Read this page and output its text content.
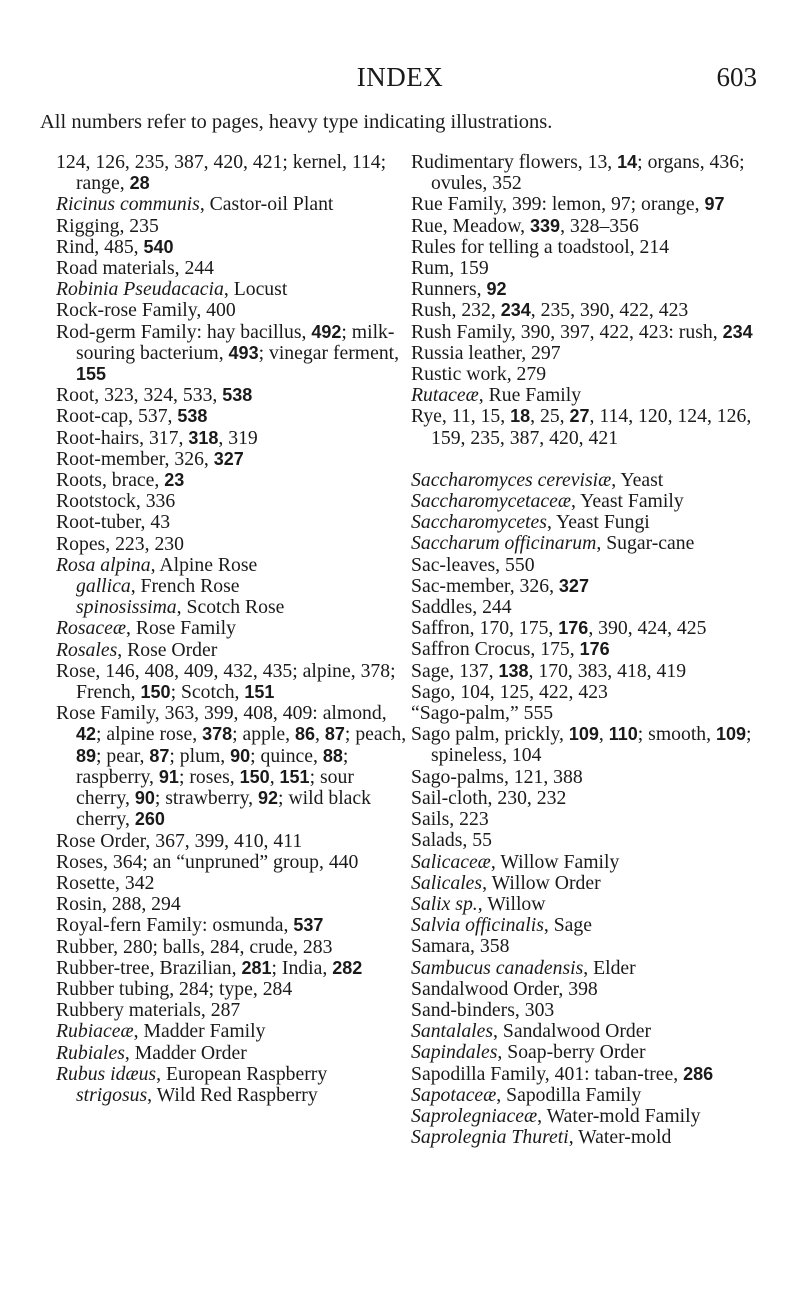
INDEX	603
All numbers refer to pages, heavy type indicating illustrations.

124, 126, 235, 387, 420, 421; kernel, 114; range, 28

Ricinus communis, Castor-oil Plant

Rigging, 235

Rind, 485, 540

Road materials, 244

Robinia Pseudacacia, Locust

Rock-rose Family, 400

Rod-germ Family: hay bacillus, 492; milk-souring bacterium, 493; vinegar ferment, 155

Root, 323, 324, 533, 538

Root-cap, 537, 538

Root-hairs, 317, 318, 319

Root-member, 326, 327

Roots, brace, 23

Rootstock, 336

Root-tuber, 43

Ropes, 223, 230

Rosa alpina, Alpine Rose

gallica, French Rose

spinosissima, Scotch Rose

Rosaceæ, Rose Family

Rosales, Rose Order

Rose, 146, 408, 409, 432, 435; alpine, 378; French, 150; Scotch, 151

Rose Family, 363, 399, 408, 409: almond, 42; alpine rose, 378; apple, 86, 87; peach, 89; pear, 87; plum, 90; quince, 88; raspberry, 91; roses, 150, 151; sour cherry, 90; strawberry, 92; wild black cherry, 260

Rose Order, 367, 399, 410, 411

Roses, 364; an “unpruned” group, 440

Rosette, 342

Rosin, 288, 294

Royal-fern Family: osmunda, 537

Rubber, 280; balls, 284, crude, 283

Rubber-tree, Brazilian, 281; India, 282

Rubber tubing, 284; type, 284

Rubbery materials, 287

Rubiaceæ, Madder Family

Rubiales, Madder Order

Rubus idæus, European Raspberry

strigosus, Wild Red Raspberry

Rudimentary flowers, 13, 14; organs, 436; ovules, 352

Rue Family, 399: lemon, 97; orange, 97

Rue, Meadow, 339, 328–356

Rules for telling a toadstool, 214

Rum, 159

Runners, 92

Rush, 232, 234, 235, 390, 422, 423

Rush Family, 390, 397, 422, 423: rush, 234

Russia leather, 297

Rustic work, 279

Rutaceæ, Rue Family

Rye, 11, 15, 18, 25, 27, 114, 120, 124, 126, 159, 235, 387, 420, 421

Saccharomyces cerevisiæ, Yeast

Saccharomycetaceæ, Yeast Family

Saccharomycetes, Yeast Fungi

Saccharum officinarum, Sugar-cane

Sac-leaves, 550

Sac-member, 326, 327

Saddles, 244

Saffron, 170, 175, 176, 390, 424, 425

Saffron Crocus, 175, 176

Sage, 137, 138, 170, 383, 418, 419

Sago, 104, 125, 422, 423

“Sago-palm,” 555

Sago palm, prickly, 109, 110; smooth, 109; spineless, 104

Sago-palms, 121, 388

Sail-cloth, 230, 232

Sails, 223

Salads, 55

Salicaceæ, Willow Family

Salicales, Willow Order

Salix sp., Willow

Salvia officinalis, Sage

Samara, 358

Sambucus canadensis, Elder

Sandalwood Order, 398

Sand-binders, 303

Santalales, Sandalwood Order

Sapindales, Soap-berry Order

Sapodilla Family, 401: taban-tree, 286

Sapotaceæ, Sapodilla Family

Saprolegniaceæ, Water-mold Family

Saprolegnia Thureti, Water-mold
